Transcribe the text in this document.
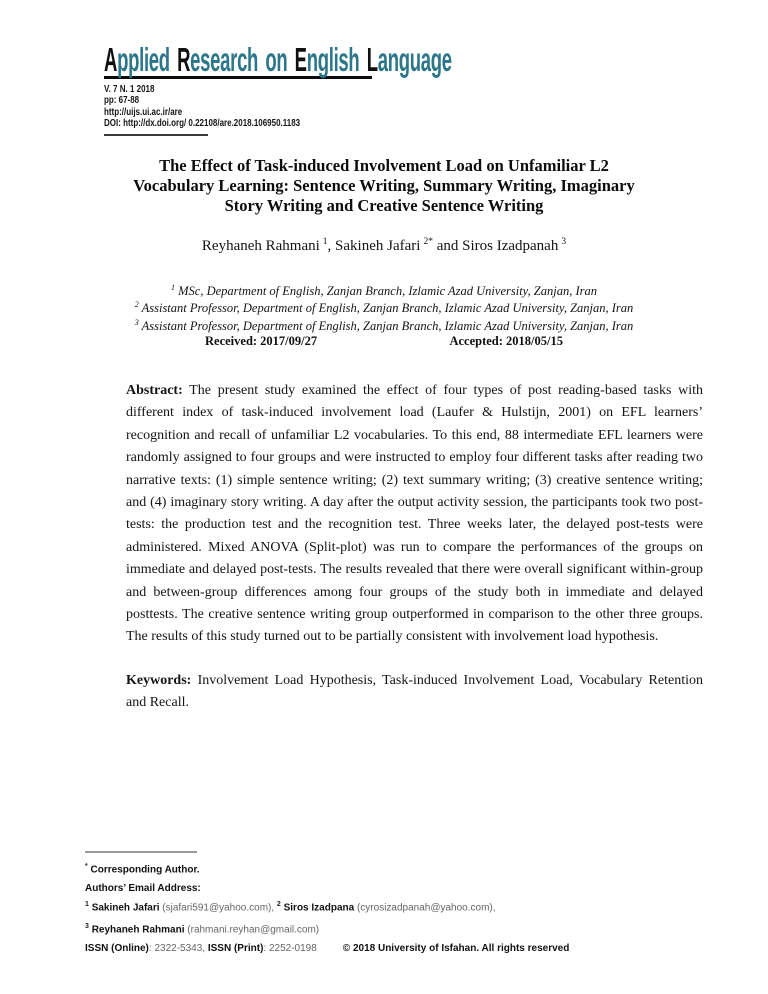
Applied Research on English Language
V. 7 N. 1 2018
pp: 67-88
http://uijs.ui.ac.ir/are
DOI: http://dx.doi.org/ 0.22108/are.2018.106950.1183
The Effect of Task-induced Involvement Load on Unfamiliar L2
Vocabulary Learning: Sentence Writing, Summary Writing, Imaginary
Story Writing and Creative Sentence Writing
Reyhaneh Rahmani $^1$, Sakineh Jafari $^{2*}$ and Siros Izadpanah $^3$
$^1$ MSc, Department of English, Zanjan Branch, Izlamic Azad University, Zanjan, Iran
$^2$ Assistant Professor, Department of English, Zanjan Branch, Izlamic Azad University, Zanjan, Iran
$^3$ Assistant Professor, Department of English, Zanjan Branch, Izlamic Azad University, Zanjan, Iran
Received: 2017/09/27	Accepted: 2018/05/15

Abstract: The present study examined the effect of four types of post reading-based tasks with different index of task-induced involvement load (Laufer & Hulstijn, 2001) on EFL learners’ recognition and recall of unfamiliar L2 vocabularies. To this end, 88 intermediate EFL learners were randomly assigned to four groups and were instructed to employ four different tasks after reading two narrative texts: (1) simple sentence writing; (2) text summary writing; (3) creative sentence writing; and (4) imaginary story writing. A day after the output activity session, the participants took two post-tests: the production test and the recognition test. Three weeks later, the delayed post-tests were administered. Mixed ANOVA (Split-plot) was run to compare the performances of the groups on immediate and delayed post-tests. The results revealed that there were overall significant within-group and between-group differences among four groups of the study both in immediate and delayed posttests. The creative sentence writing group outperformed in comparison to the other three groups. The results of this study turned out to be partially consistent with involvement load hypothesis.

Keywords: Involvement Load Hypothesis, Task-induced Involvement Load, Vocabulary Retention and Recall.

* Corresponding Author.
Authors’ Email Address:
$^1$ Sakineh Jafari (sjafari591@yahoo.com), $^2$ Siros Izadpana (cyrosizadpanah@yahoo.com),
$^3$ Reyhaneh Rahmani (rahmani.reyhan@gmail.com)
ISSN (Online): 2322-5343, ISSN (Print): 2252-0198	© 2018 University of Isfahan. All rights reserved
